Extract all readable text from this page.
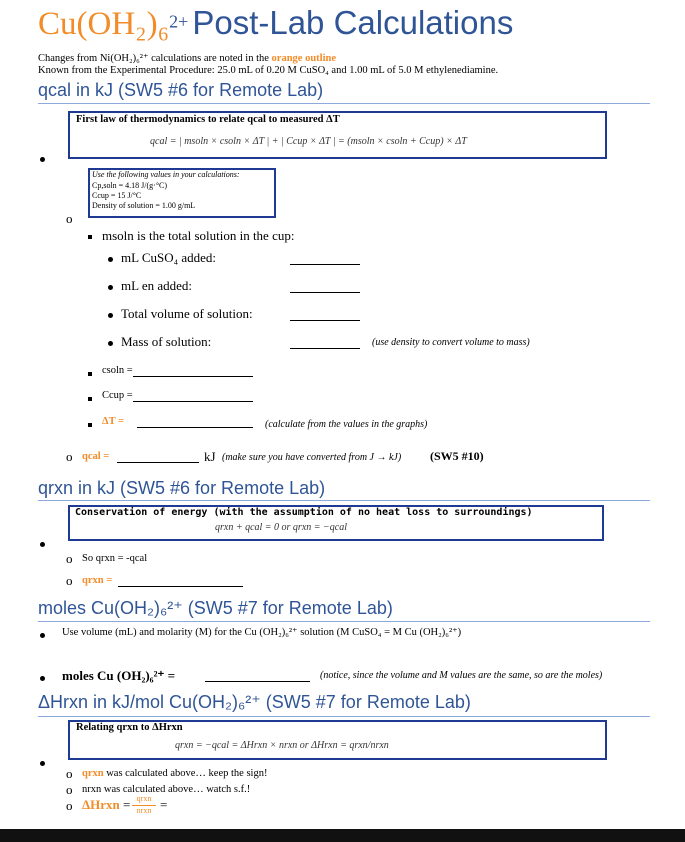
Cu(OH₂)₆$^{2+}$ Post-Lab Calculations
Changes from Ni(OH₂)₆²⁺ calculations are noted in the orange outline
Known from the Experimental Procedure: 25.0 mL of 0.20 M CuSO₄ and 1.00 mL of 5.0 M ethylenediamine.
qcal in kJ (SW5 #6 for Remote Lab)
First law of thermodynamics to relate qcal to measured ΔT
qcal = | msoln × csoln × ΔT | + | Ccup × ΔT | = (msoln × csoln + Ccup) × ΔT
Use the following values in your calculations:
Cp,soln = 4.18 J/(g·°C)
Ccup = 15 J/°C
Density of solution = 1.00 g/mL
o
msoln is the total solution in the cup:
mL CuSO₄ added:
mL en added:
Total volume of solution:
Mass of solution:	(use density to convert volume to mass)
csoln =
Ccup =
ΔT =	(calculate from the values in the graphs)
o qcal =	kJ (make sure you have converted from J → kJ) (SW5 #10)
qrxn in kJ (SW5 #6 for Remote Lab)
Conservation of energy (with the assumption of no heat loss to surroundings)
qrxn + qcal = 0 or qrxn = −qcal
o So qrxn = -qcal
o qrxn =
moles Cu(OH₂)₆²⁺ (SW5 #7 for Remote Lab)
Use volume (mL) and molarity (M) for the Cu (OH₂)₆²⁺ solution (M CuSO₄ = M Cu (OH₂)₆²⁺)
moles Cu (OH₂)₆²⁺ =	(notice, since the volume and M values are the same, so are the moles)
ΔHrxn in kJ/mol Cu(OH₂)₆²⁺ (SW5 #7 for Remote Lab)
Relating qrxn to ΔHrxn
qrxn = −qcal = ΔHrxn × nrxn or ΔHrxn = qrxn/nrxn
o qrxn was calculated above… keep the sign!
o nrxn was calculated above… watch s.f.!
o ΔHrxn = qrxn
nrxn =
